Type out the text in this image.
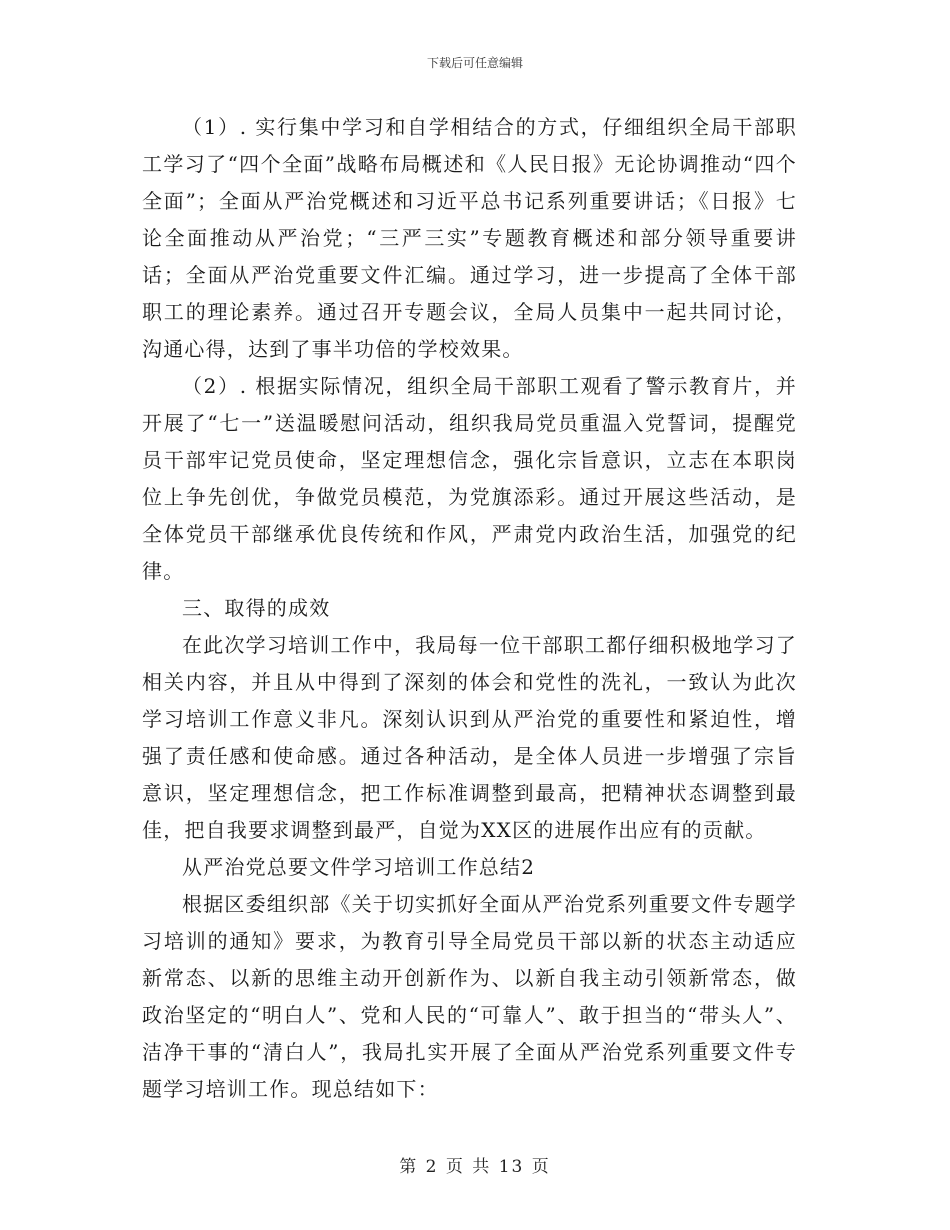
下载后可任意编辑

（1）. 实行集中学习和自学相结合的方式，仔细组织全局干部职工学习了“四个全面”战略布局概述和《人民日报》无论协调推动“四个全面”；全面从严治党概述和习近平总书记系列重要讲话；《日报》七论全面推动从严治党；“三严三实”专题教育概述和部分领导重要讲话；全面从严治党重要文件汇编。通过学习，进一步提高了全体干部职工的理论素养。通过召开专题会议，全局人员集中一起共同讨论，沟通心得，达到了事半功倍的学校效果。

（2）. 根据实际情况，组织全局干部职工观看了警示教育片，并开展了“七一”送温暖慰问活动，组织我局党员重温入党誓词，提醒党员干部牢记党员使命，坚定理想信念，强化宗旨意识，立志在本职岗位上争先创优，争做党员模范，为党旗添彩。通过开展这些活动，是全体党员干部继承优良传统和作风，严肃党内政治生活，加强党的纪律。

三、取得的成效

在此次学习培训工作中，我局每一位干部职工都仔细积极地学习了相关内容，并且从中得到了深刻的体会和党性的洗礼，一致认为此次学习培训工作意义非凡。深刻认识到从严治党的重要性和紧迫性，增强了责任感和使命感。通过各种活动，是全体人员进一步增强了宗旨意识，坚定理想信念，把工作标准调整到最高，把精神状态调整到最佳，把自我要求调整到最严，自觉为XX区的进展作出应有的贡献。

从严治党总要文件学习培训工作总结2

根据区委组织部《关于切实抓好全面从严治党系列重要文件专题学习培训的通知》要求，为教育引导全局党员干部以新的状态主动适应新常态、以新的思维主动开创新作为、以新自我主动引领新常态，做政治坚定的“明白人”、党和人民的“可靠人”、敢于担当的“带头人”、洁净干事的“清白人”，我局扎实开展了全面从严治党系列重要文件专题学习培训工作。现总结如下：

第 2 页 共 13 页
